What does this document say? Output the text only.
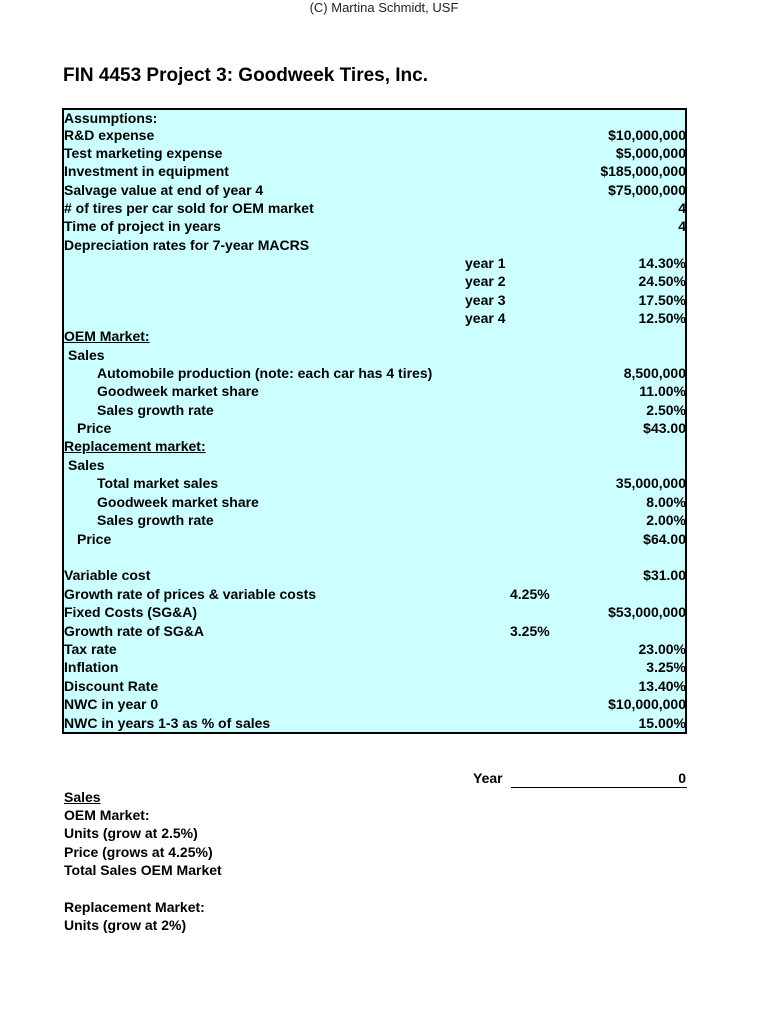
(C) Martina Schmidt, USF
FIN 4453 Project 3: Goodweek Tires, Inc.
Assumptions:
R&D expense	$10,000,000
Test marketing expense	$5,000,000
Investment in equipment	$185,000,000
Salvage value at end of year 4	$75,000,000
# of tires per car sold for OEM market	4
Time of project in years	4
Depreciation rates for 7-year MACRS
year 1	14.30%
year 2	24.50%
year 3	17.50%
year 4	12.50%
OEM Market:
Sales
Automobile production (note: each car has 4 tires)	8,500,000
Goodweek market share	11.00%
Sales growth rate	2.50%
Price	$43.00
Replacement market:
Sales
Total market sales	35,000,000
Goodweek market share	8.00%
Sales growth rate	2.00%
Price	$64.00
Variable cost	$31.00
Growth rate of prices & variable costs	4.25%
Fixed Costs (SG&A)	$53,000,000
Growth rate of SG&A	3.25%
Tax rate	23.00%
Inflation	3.25%
Discount Rate	13.40%
NWC in year 0	$10,000,000
NWC in years 1-3 as % of sales	15.00%
Year	0
Sales
OEM Market:
Units (grow at 2.5%)
Price (grows at 4.25%)
Total Sales OEM Market
Replacement Market:
Units (grow at 2%)
